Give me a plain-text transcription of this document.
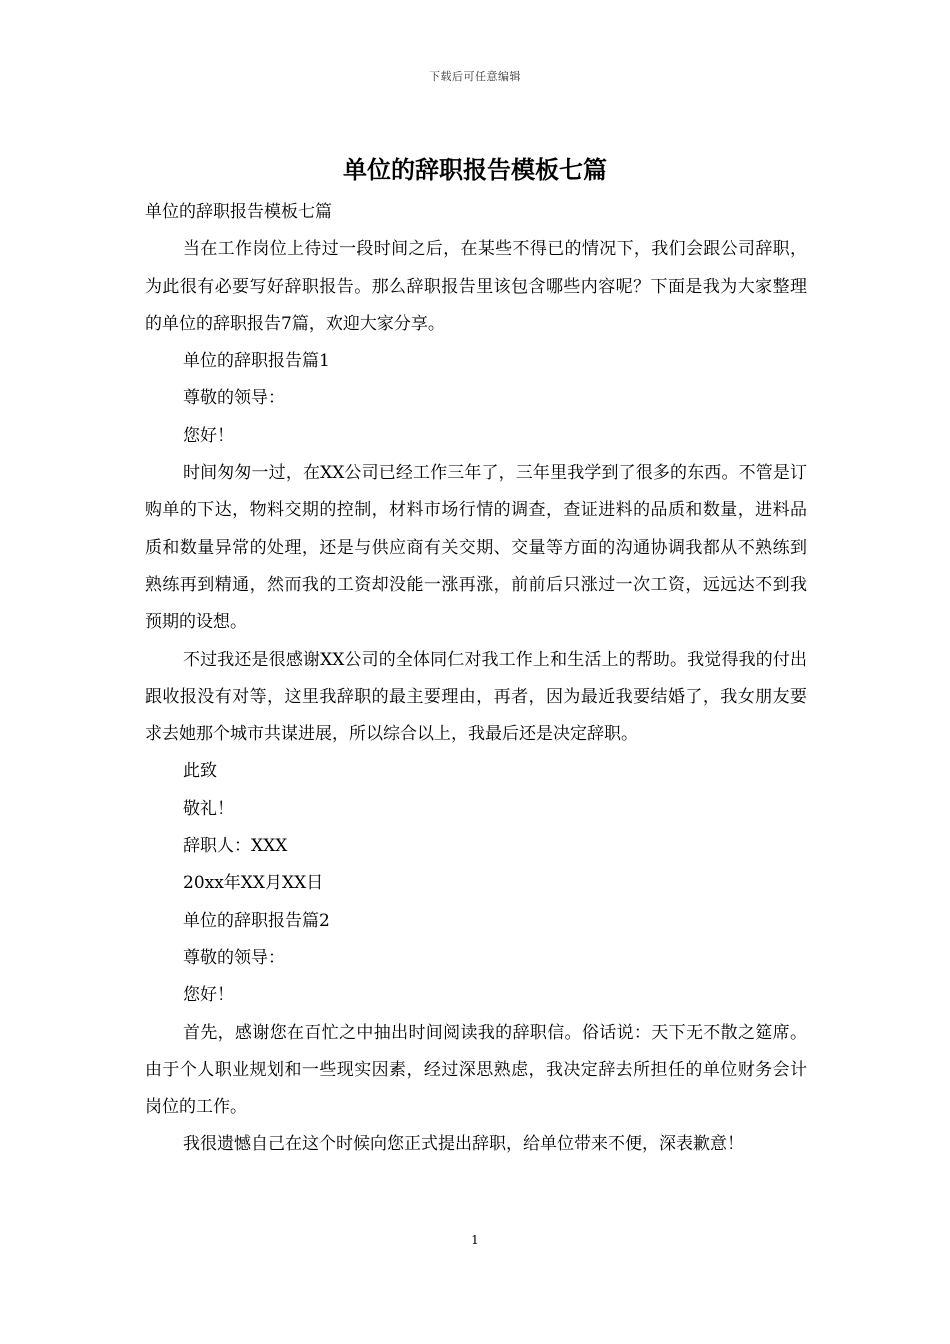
下载后可任意编辑
单位的辞职报告模板七篇

单位的辞职报告模板七篇

当在工作岗位上待过一段时间之后，在某些不得已的情况下，我们会跟公司辞职，为此很有必要写好辞职报告。那么辞职报告里该包含哪些内容呢？下面是我为大家整理的单位的辞职报告7篇，欢迎大家分享。

单位的辞职报告篇1

尊敬的领导：

您好！

时间匆匆一过，在XX公司已经工作三年了，三年里我学到了很多的东西。不管是订购单的下达，物料交期的控制，材料市场行情的调查，查证进料的品质和数量，进料品质和数量异常的处理，还是与供应商有关交期、交量等方面的沟通协调我都从不熟练到熟练再到精通，然而我的工资却没能一涨再涨，前前后只涨过一次工资，远远达不到我预期的设想。

不过我还是很感谢XX公司的全体同仁对我工作上和生活上的帮助。我觉得我的付出跟收报没有对等，这里我辞职的最主要理由，再者，因为最近我要结婚了，我女朋友要求去她那个城市共谋进展，所以综合以上，我最后还是决定辞职。

此致

敬礼！

辞职人：XXX

20xx年XX月XX日

单位的辞职报告篇2

尊敬的领导：

您好！

首先，感谢您在百忙之中抽出时间阅读我的辞职信。俗话说：天下无不散之筵席。由于个人职业规划和一些现实因素，经过深思熟虑，我决定辞去所担任的单位财务会计岗位的工作。

我很遗憾自己在这个时候向您正式提出辞职，给单位带来不便，深表歉意！

1
